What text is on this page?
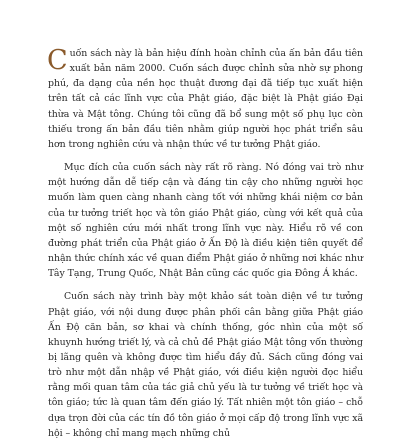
Cuốn sách này là bản hiệu đính hoàn chỉnh của ấn bản đầu tiên xuất bản năm 2000. Cuốn sách được chỉnh sửa nhờ sự phong phú, đa dạng của nền học thuật đương đại đã tiếp tục xuất hiện trên tất cả các lĩnh vực của Phật giáo, đặc biệt là Phật giáo Đại thừa và Mật tông. Chúng tôi cũng đã bổ sung một số phụ lục còn thiếu trong ấn bản đầu tiên nhằm giúp người học phát triển sâu hơn trong nghiên cứu và nhận thức về tư tưởng Phật giáo.

Mục đích của cuốn sách này rất rõ ràng. Nó đóng vai trò như một hướng dẫn dễ tiếp cận và đáng tin cậy cho những người học muốn làm quen càng nhanh càng tốt với những khái niệm cơ bản của tư tưởng triết học và tôn giáo Phật giáo, cùng với kết quả của một số nghiên cứu mới nhất trong lĩnh vực này. Hiểu rõ về con đường phát triển của Phật giáo ở Ấn Độ là điều kiện tiên quyết để nhận thức chính xác về quan điểm Phật giáo ở những nơi khác như Tây Tạng, Trung Quốc, Nhật Bản cũng các quốc gia Đông Á khác.

Cuốn sách này trình bày một khảo sát toàn diện về tư tưởng Phật giáo, với nội dung được phân phối cân bằng giữa Phật giáo Ấn Độ căn bản, sơ khai và chính thống, góc nhìn của một số khuynh hướng triết lý, và cả chủ đề Phật giáo Mật tông vốn thường bị lãng quên và không được tìm hiểu đầy đủ. Sách cũng đóng vai trò như một dẫn nhập về Phật giáo, với điều kiện người đọc hiểu rằng mối quan tâm của tác giả chủ yếu là tư tưởng về triết học và tôn giáo; tức là quan tâm đến giáo lý. Tất nhiên một tôn giáo – chỗ dựa trọn đời của các tín đồ tôn giáo ở mọi cấp độ trong lĩnh vực xã hội – không chỉ mang mạch những chủ
